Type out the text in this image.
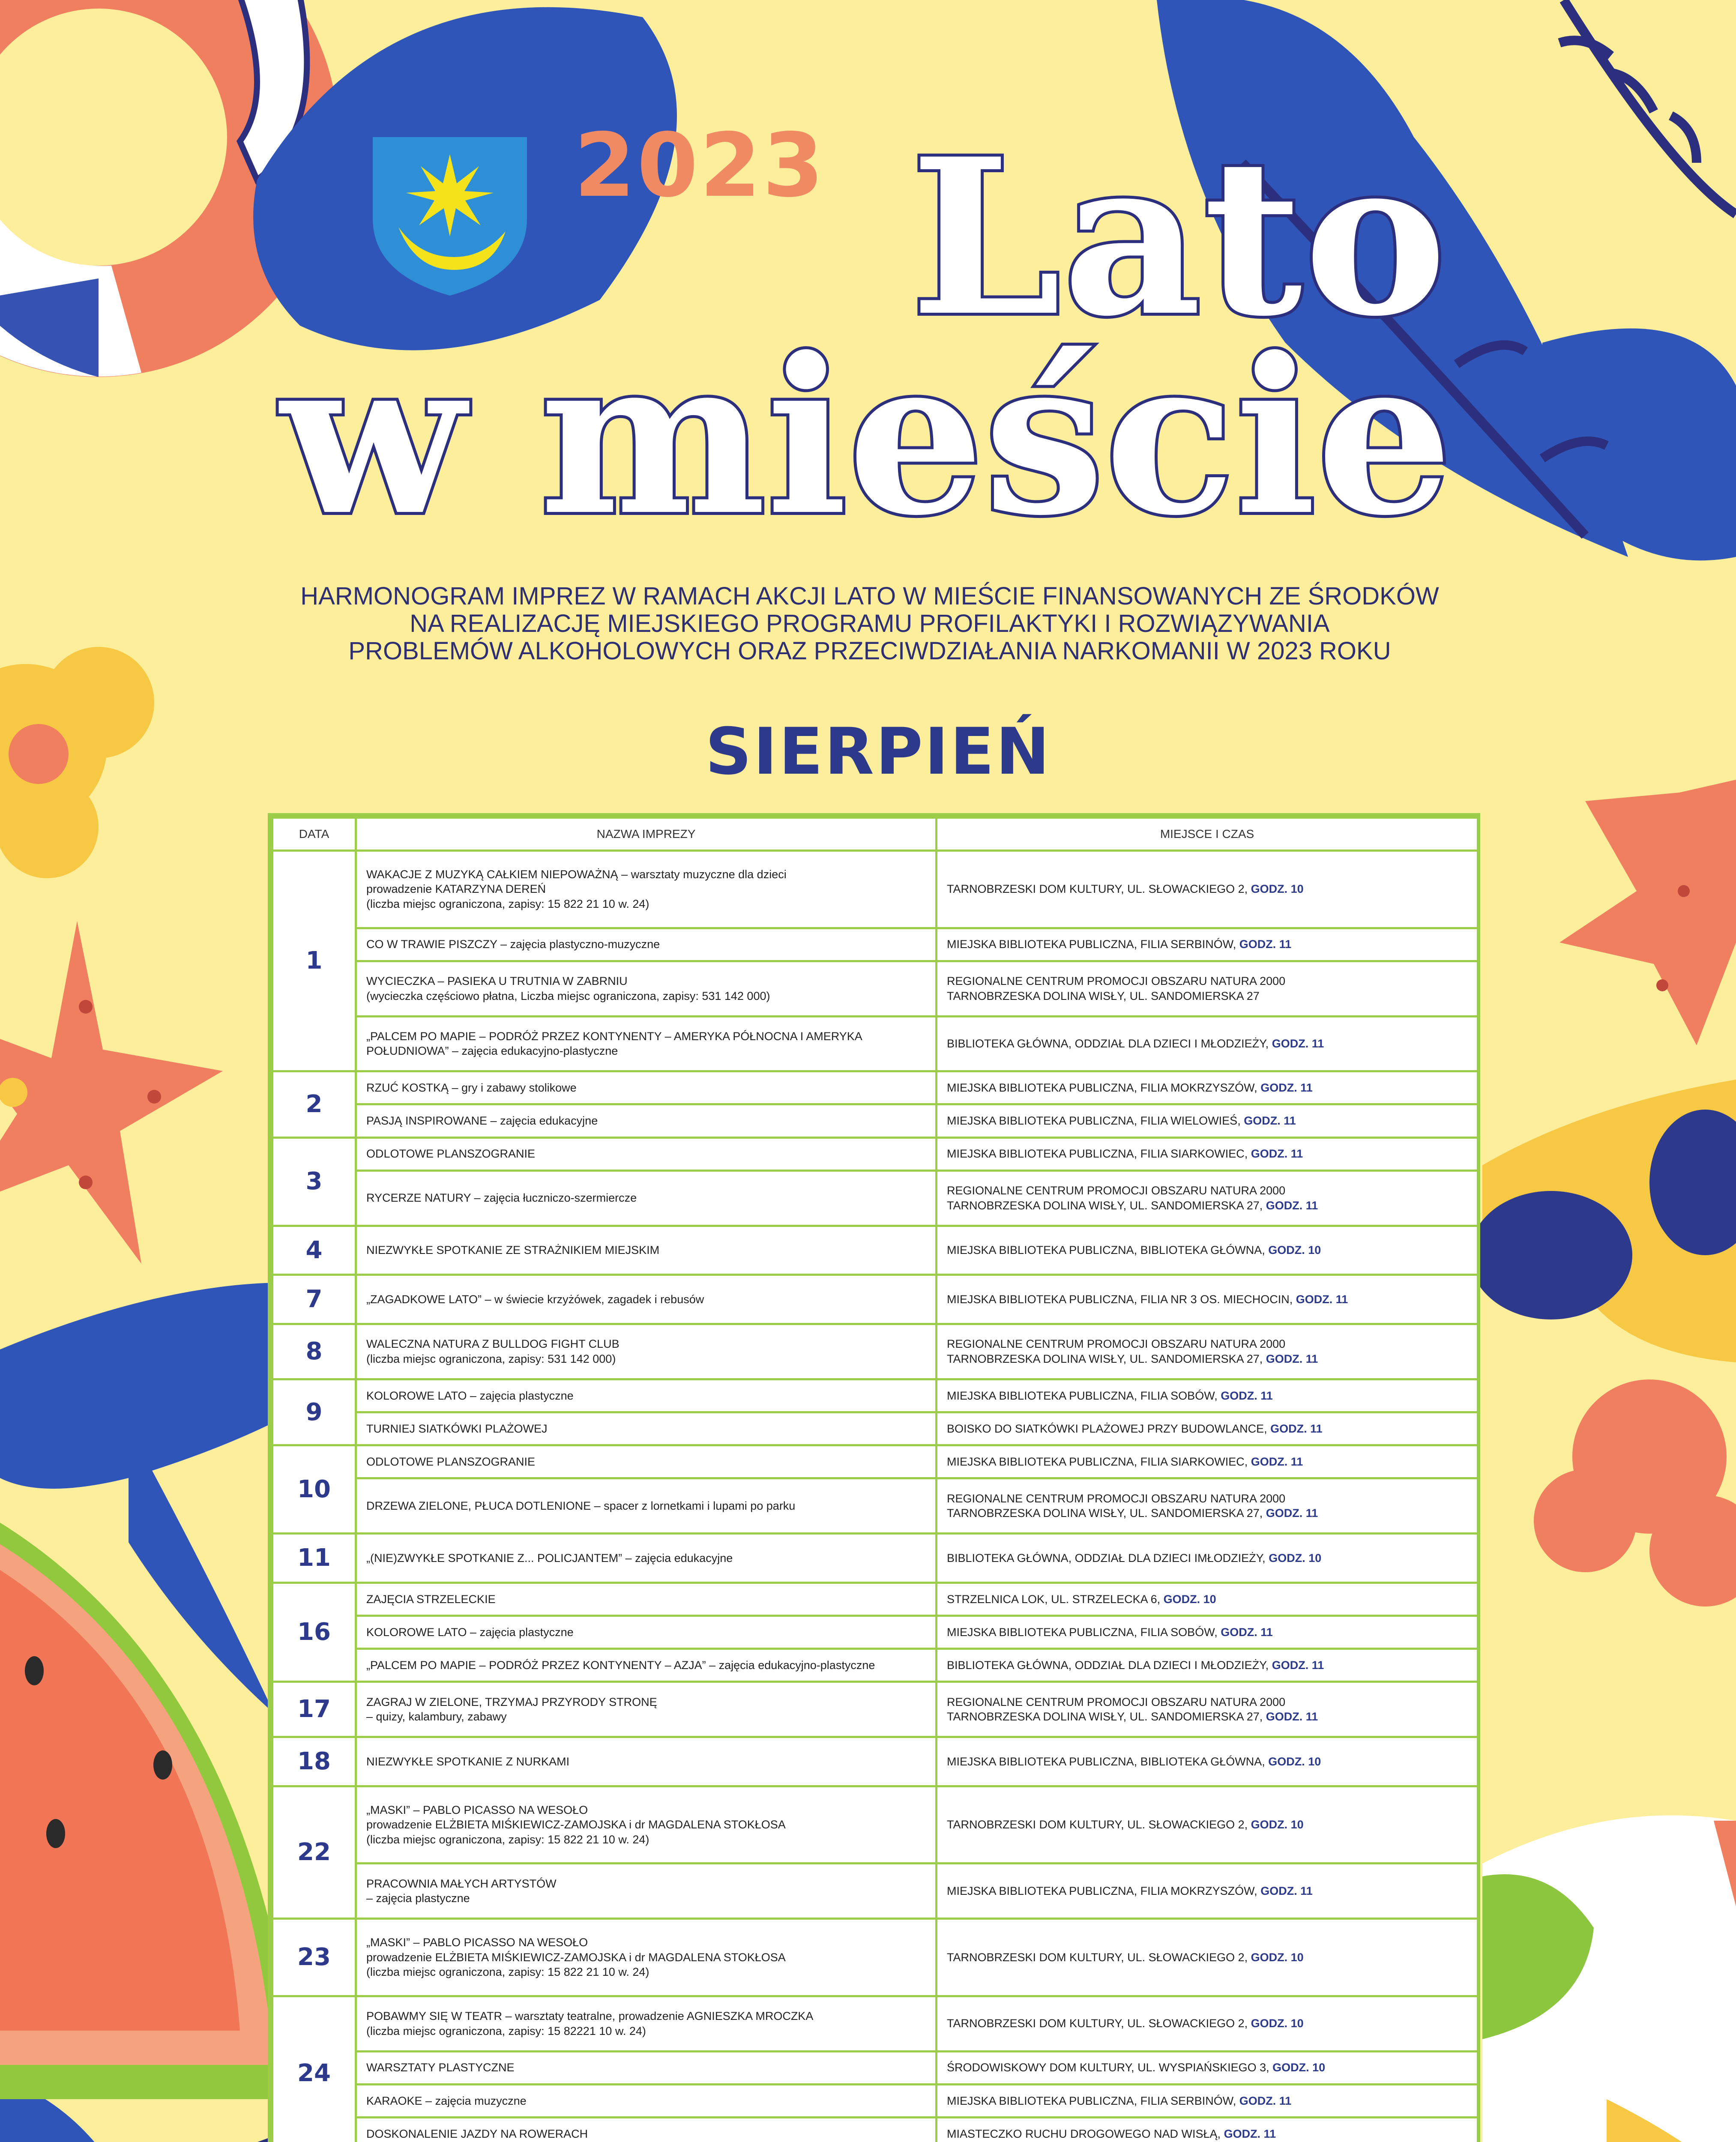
2023 Lato
w mieście
HARMONOGRAM IMPREZ W RAMACH AKCJI LATO W MIEŚCIE FINANSOWANYCH ZE ŚRODKÓW
NA REALIZACJĘ MIEJSKIEGO PROGRAMU PROFILAKTYKI I ROZWIĄZYWANIA
PROBLEMÓW ALKOHOLOWYCH ORAZ PRZECIWDZIAŁANIA NARKOMANII W 2023 ROKU
SIERPIEŃ
DATA	NAZWA IMPREZY	MIEJSCE I CZAS
1	WAKACJE Z MUZYKĄ CAŁKIEM NIEPOWAŻNĄ – warsztaty muzyczne dla dzieci
prowadzenie KATARZYNA DEREŃ
(liczba miejsc ograniczona, zapisy: 15 822 21 10 w. 24)	TARNOBRZESKI DOM KULTURY, UL. SŁOWACKIEGO 2, GODZ. 10

	CO W TRAWIE PISZCZY – zajęcia plastyczno-muzyczne	MIEJSKA BIBLIOTEKA PUBLICZNA, FILIA SERBINÓW, GODZ. 11

	WYCIECZKA – PASIEKA U TRUTNIA W ZABRNIU
(wycieczka częściowo płatna, Liczba miejsc ograniczona, zapisy: 531 142 000)	REGIONALNE CENTRUM PROMOCJI OBSZARU NATURA 2000
TARNOBRZESKA DOLINA WISŁY, UL. SANDOMIERSKA 27

	„PALCEM PO MAPIE – PODRÓŻ PRZEZ KONTYNENTY – AMERYKA PÓŁNOCNA I AMERYKA
POŁUDNIOWA” – zajęcia edukacyjno-plastyczne	BIBLIOTEKA GŁÓWNA, ODDZIAŁ DLA DZIECI I MŁODZIEŻY, GODZ. 11

2	RZUĆ KOSTKĄ – gry i zabawy stolikowe	MIEJSKA BIBLIOTEKA PUBLICZNA, FILIA MOKRZYSZÓW, GODZ. 11

	PASJĄ INSPIROWANE – zajęcia edukacyjne	MIEJSKA BIBLIOTEKA PUBLICZNA, FILIA WIELOWIEŚ, GODZ. 11

3	ODLOTOWE PLANSZOGRANIE	MIEJSKA BIBLIOTEKA PUBLICZNA, FILIA SIARKOWIEC, GODZ. 11

	RYCERZE NATURY – zajęcia łuczniczo-szermiercze	REGIONALNE CENTRUM PROMOCJI OBSZARU NATURA 2000
TARNOBRZESKA DOLINA WISŁY, UL. SANDOMIERSKA 27, GODZ. 11

4	NIEZWYKŁE SPOTKANIE ZE STRAŻNIKIEM MIEJSKIM	MIEJSKA BIBLIOTEKA PUBLICZNA, BIBLIOTEKA GŁÓWNA, GODZ. 10

7	„ZAGADKOWE LATO” – w świecie krzyżówek, zagadek i rebusów	MIEJSKA BIBLIOTEKA PUBLICZNA, FILIA NR 3 OS. MIECHOCIN, GODZ. 11

8	WALECZNA NATURA Z BULLDOG FIGHT CLUB
(liczba miejsc ograniczona, zapisy: 531 142 000)	REGIONALNE CENTRUM PROMOCJI OBSZARU NATURA 2000
TARNOBRZESKA DOLINA WISŁY, UL. SANDOMIERSKA 27, GODZ. 11

9	KOLOROWE LATO – zajęcia plastyczne	MIEJSKA BIBLIOTEKA PUBLICZNA, FILIA SOBÓW, GODZ. 11

	TURNIEJ SIATKÓWKI PLAŻOWEJ	BOISKO DO SIATKÓWKI PLAŻOWEJ PRZY BUDOWLANCE, GODZ. 11

10	ODLOTOWE PLANSZOGRANIE	MIEJSKA BIBLIOTEKA PUBLICZNA, FILIA SIARKOWIEC, GODZ. 11

	DRZEWA ZIELONE, PŁUCA DOTLENIONE – spacer z lornetkami i lupami po parku	REGIONALNE CENTRUM PROMOCJI OBSZARU NATURA 2000
TARNOBRZESKA DOLINA WISŁY, UL. SANDOMIERSKA 27, GODZ. 11

11	„(NIE)ZWYKŁE SPOTKANIE Z... POLICJANTEM” – zajęcia edukacyjne	BIBLIOTEKA GŁÓWNA, ODDZIAŁ DLA DZIECI IMŁODZIEŻY, GODZ. 10

16	ZAJĘCIA STRZELECKIE	STRZELNICA LOK, UL. STRZELECKA 6, GODZ. 10

	KOLOROWE LATO – zajęcia plastyczne	MIEJSKA BIBLIOTEKA PUBLICZNA, FILIA SOBÓW, GODZ. 11

	„PALCEM PO MAPIE – PODRÓŻ PRZEZ KONTYNENTY – AZJA” – zajęcia edukacyjno-plastyczne	BIBLIOTEKA GŁÓWNA, ODDZIAŁ DLA DZIECI I MŁODZIEŻY, GODZ. 11

17	ZAGRAJ W ZIELONE, TRZYMAJ PRZYRODY STRONĘ
– quizy, kalambury, zabawy	REGIONALNE CENTRUM PROMOCJI OBSZARU NATURA 2000
TARNOBRZESKA DOLINA WISŁY, UL. SANDOMIERSKA 27, GODZ. 11

18	NIEZWYKŁE SPOTKANIE Z NURKAMI	MIEJSKA BIBLIOTEKA PUBLICZNA, BIBLIOTEKA GŁÓWNA, GODZ. 10

22	„MASKI” – PABLO PICASSO NA WESOŁO
prowadzenie ELŻBIETA MIŚKIEWICZ-ZAMOJSKA i dr MAGDALENA STOKŁOSA
(liczba miejsc ograniczona, zapisy: 15 822 21 10 w. 24)	TARNOBRZESKI DOM KULTURY, UL. SŁOWACKIEGO 2, GODZ. 10

	PRACOWNIA MAŁYCH ARTYSTÓW
– zajęcia plastyczne	MIEJSKA BIBLIOTEKA PUBLICZNA, FILIA MOKRZYSZÓW, GODZ. 11

23	„MASKI” – PABLO PICASSO NA WESOŁO
prowadzenie ELŻBIETA MIŚKIEWICZ-ZAMOJSKA i dr MAGDALENA STOKŁOSA
(liczba miejsc ograniczona, zapisy: 15 822 21 10 w. 24)	TARNOBRZESKI DOM KULTURY, UL. SŁOWACKIEGO 2, GODZ. 10

24	POBAWMY SIĘ W TEATR – warsztaty teatralne, prowadzenie AGNIESZKA MROCZKA
(liczba miejsc ograniczona, zapisy: 15 82221 10 w. 24)	TARNOBRZESKI DOM KULTURY, UL. SŁOWACKIEGO 2, GODZ. 10

	WARSZTATY PLASTYCZNE	ŚRODOWISKOWY DOM KULTURY, UL. WYSPIAŃSKIEGO 3, GODZ. 10

	KARAOKE – zajęcia muzyczne	MIEJSKA BIBLIOTEKA PUBLICZNA, FILIA SERBINÓW, GODZ. 11

	DOSKONALENIE JAZDY NA ROWERACH	MIASTECZKO RUCHU DROGOWEGO NAD WISŁĄ, GODZ. 11
